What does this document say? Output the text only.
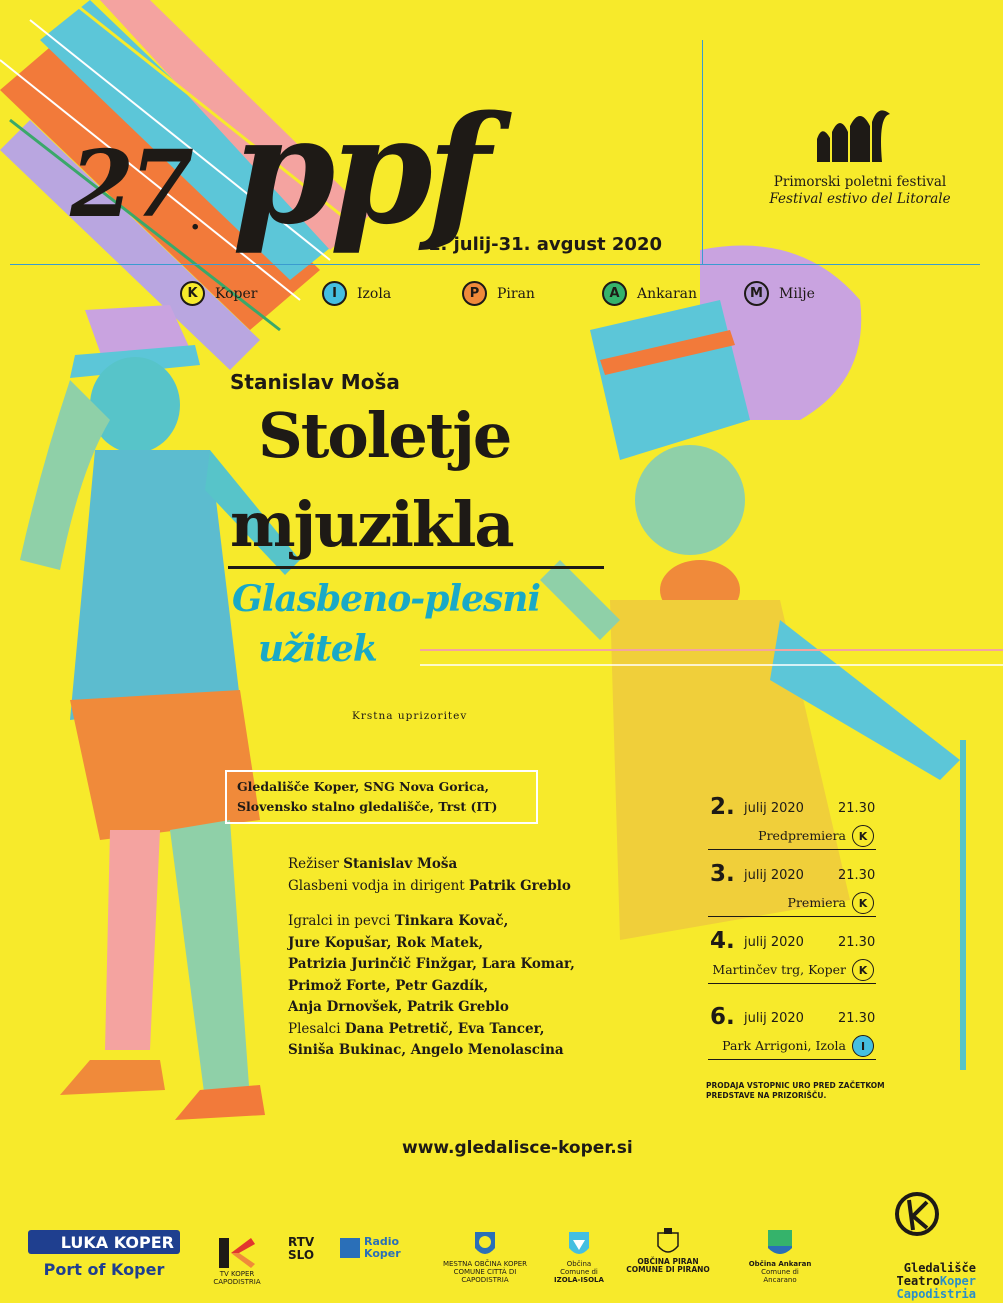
27 . ppf
1. julij-31. avgust 2020
Primorski poletni festival
Festival estivo del Litorale
K	Koper	I	Izola	P	Piran	A	Ankaran	M	Milje
Stanislav Moša
Stoletje
mjuzikla
Glasbeno-plesni
užitek
Krstna uprizoritev
Gledališče Koper, SNG Nova Gorica,
Slovensko stalno gledališče, Trst (IT)
Režiser Stanislav Moša
Glasbeni vodja in dirigent Patrik Greblo
Igralci in pevci Tinkara Kovač,
Jure Kopušar, Rok Matek,
Patrizia Jurinčič Finžgar, Lara Komar,
Primož Forte, Petr Gazdík,
Anja Drnovšek, Patrik Greblo
Plesalci Dana Petretič, Eva Tancer,
Siniša Bukinac, Angelo Menolascina
www.gledalisce-koper.si
2. julij 2020	21.30
Predpremiera	K
3. julij 2020	21.30
Premiera	K
4. julij 2020	21.30
Martinčev trg, Koper	K
6. julij 2020	21.30
Park Arrigoni, Izola	I
PRODAJA VSTOPNIC URO PRED ZAČETKOM
PREDSTAVE NA PRIZORIŠČU.
LUKA KOPER
Port of Koper	TV KOPER
CAPODISTRIA
RTV
SLO
Radio
Koper
MESTNA OBČINA KOPER
COMUNE CITTÀ DI CAPODISTRIA
Občina Comune di
IZOLA-ISOLA
OBČINA PIRAN
COMUNE DI PIRANO
Občina Ankaran
Comune di Ancarano
Gledališče
TeatroKoper
Capodistria
